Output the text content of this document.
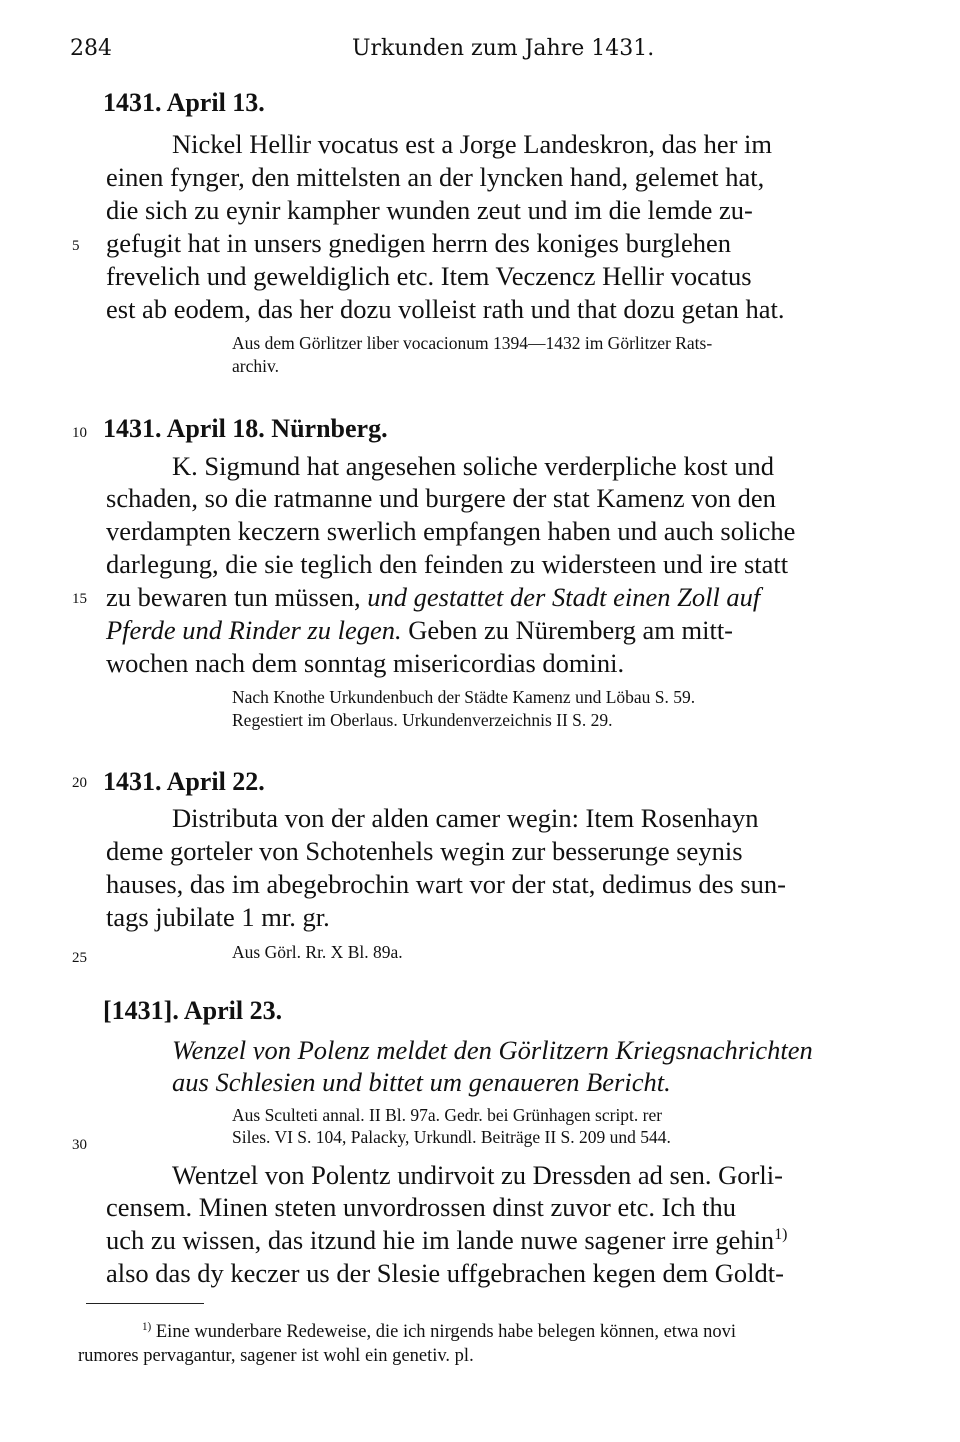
284	Urkunden zum Jahre 1431.
1431. April 13.
Nickel Hellir vocatus est a Jorge Landeskron, das her im
einen fynger, den mittelsten an der lyncken hand, gelemet hat,
die sich zu eynir kampher wunden zeut und im die lemde zu-
gefugit hat in unsers gnedigen herrn des koniges burglehen
frevelich und geweldiglich etc. Item Veczencz Hellir vocatus
est ab eodem, das her dozu volleist rath und that dozu getan hat.
Aus dem Görlitzer liber vocacionum 1394—1432 im Görlitzer Rats-
archiv.
1431. April 18. Nürnberg.
K. Sigmund hat angesehen soliche verderpliche kost und
schaden, so die ratmanne und burgere der stat Kamenz von den
verdampten keczern swerlich empfangen haben und auch soliche
darlegung, die sie teglich den feinden zu widersteen und ire statt
zu bewaren tun müssen, und gestattet der Stadt einen Zoll auf
Pferde und Rinder zu legen. Geben zu Nüremberg am mitt-
wochen nach dem sonntag misericordias domini.
Nach Knothe Urkundenbuch der Städte Kamenz und Löbau S. 59.
Regestiert im Oberlaus. Urkundenverzeichnis II S. 29.
1431. April 22.
Distributa von der alden camer wegin: Item Rosenhayn
deme gorteler von Schotenhels wegin zur besserunge seynis
hauses, das im abegebrochin wart vor der stat, dedimus des sun-
tags jubilate 1 mr. gr.
Aus Görl. Rr. X Bl. 89a.
[1431]. April 23.
Wenzel von Polenz meldet den Görlitzern Kriegsnachrichten
aus Schlesien und bittet um genaueren Bericht.
Aus Sculteti annal. II Bl. 97a. Gedr. bei Grünhagen script. rer
Siles. VI S. 104, Palacky, Urkundl. Beiträge II S. 209 und 544.
Wentzel von Polentz undirvoit zu Dressden ad sen. Gorli-
censem. Minen steten unvordrossen dinst zuvor etc. Ich thu
uch zu wissen, das itzund hie im lande nuwe sagener irre gehin$^{1)}$
also das dy keczer us der Slesie uffgebrachen kegen dem Goldt-
5
10
15
20
25
30
$^{1)}$ Eine wunderbare Redeweise, die ich nirgends habe belegen können, etwa novi
rumores pervagantur, sagener ist wohl ein genetiv. pl.
